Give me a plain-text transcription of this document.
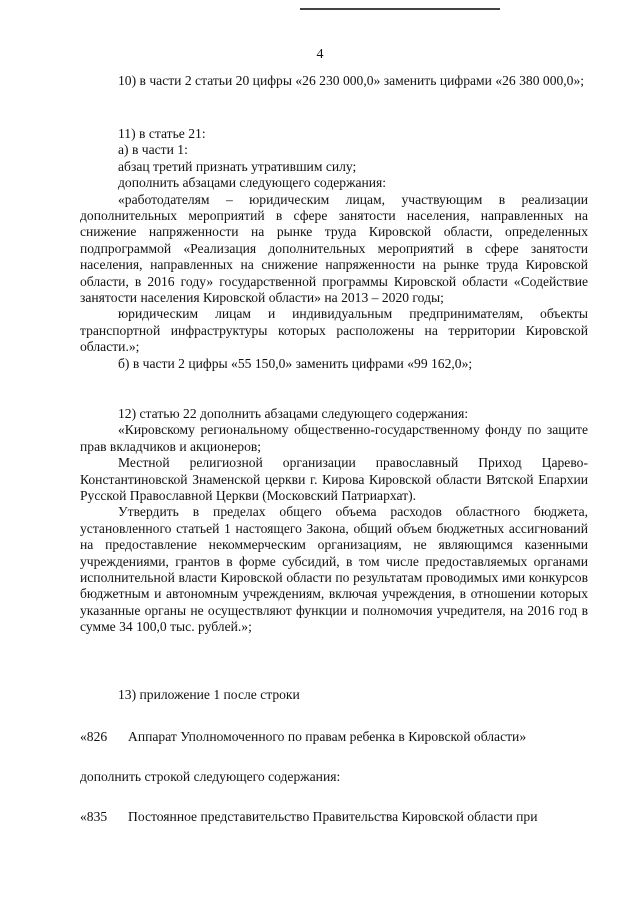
4

10) в части 2 статьи 20 цифры «26 230 000,0» заменить цифрами «26 380 000,0»;

11) в статье 21:

а) в части 1:

абзац третий признать утратившим силу;

дополнить абзацами следующего содержания:

«работодателям – юридическим лицам, участвующим в реализации дополнительных мероприятий в сфере занятости населения, направленных на снижение напряженности на рынке труда Кировской области, определенных подпрограммой «Реализация дополнительных мероприятий в сфере занятости населения, направленных на снижение напряженности на рынке труда Кировской области, в 2016 году» государственной программы Кировской области «Содействие занятости населения Кировской области» на 2013 – 2020 годы;

юридическим лицам и индивидуальным предпринимателям, объекты транспортной инфраструктуры которых расположены на территории Кировской области.»;

б) в части 2 цифры «55 150,0» заменить цифрами «99 162,0»;

12) статью 22 дополнить абзацами следующего содержания:

«Кировскому региональному общественно-государственному фонду по защите прав вкладчиков и акционеров;

Местной религиозной организации православный Приход Царево-Константиновской Знаменской церкви г. Кирова Кировской области Вятской Епархии Русской Православной Церкви (Московский Патриархат).

Утвердить в пределах общего объема расходов областного бюджета, установленного статьей 1 настоящего Закона, общий объем бюджетных ассигнований на предоставление некоммерческим организациям, не являющимся казенными учреждениями, грантов в форме субсидий, в том числе предоставляемых органами исполнительной власти Кировской области по результатам проводимых ими конкурсов бюджетным и автономным учреждениям, включая учреждения, в отношении которых указанные органы не осуществляют функции и полномочия учредителя, на 2016 год в сумме 34 100,0 тыс. рублей.»;

13) приложение 1 после строки

«826 Аппарат Уполномоченного по правам ребенка в Кировской области»

дополнить строкой следующего содержания:

«835 Постоянное представительство Правительства Кировской области при
